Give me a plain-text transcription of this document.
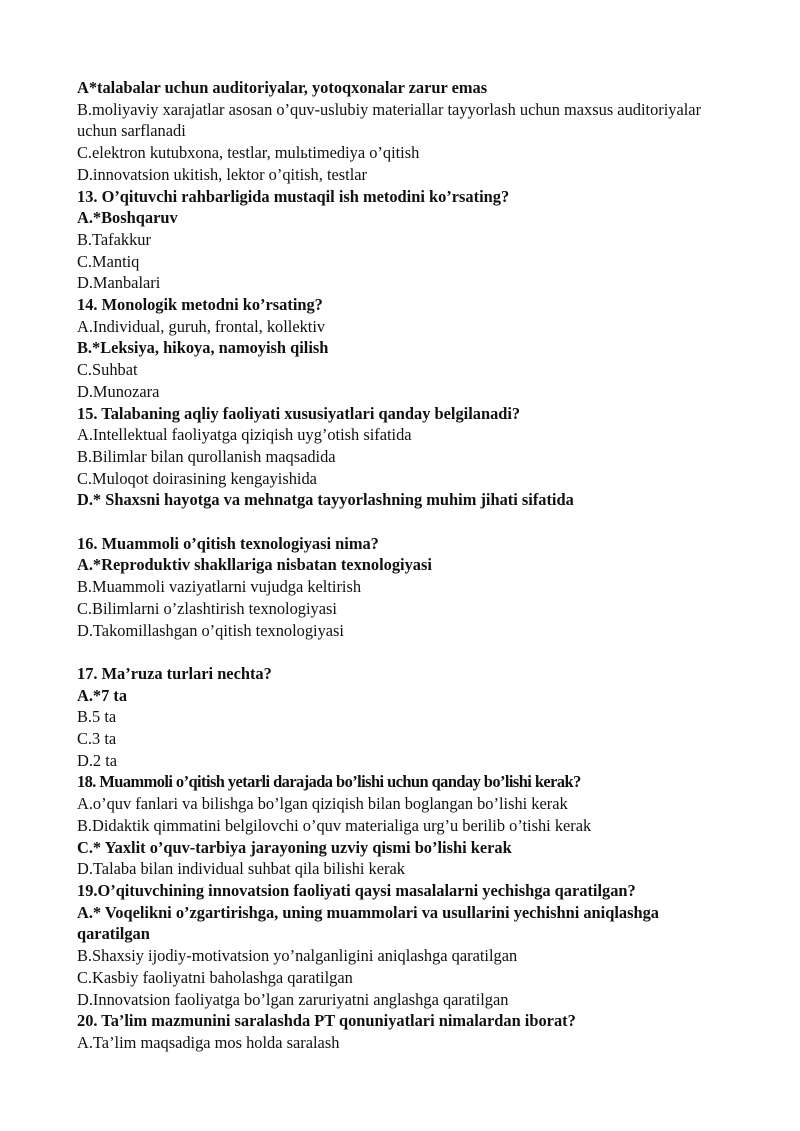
A*talabalar uchun auditoriyalar, yotoqxonalar zarur emas
B.moliyaviy xarajatlar asosan o’quv-uslubiy materiallar tayyorlash uchun maxsus auditoriyalar uchun sarflanadi
C.elektron kutubxona, testlar, mulьtimediya o’qitish
D.innovatsion ukitish, lektor o’qitish, testlar
13. O’qituvchi rahbarligida mustaqil ish metodini ko’rsating?
A.*Boshqaruv
B.Tafakkur
C.Mantiq
D.Manbalari
14. Monologik metodni ko’rsating?
A.Individual, guruh, frontal, kollektiv
B.*Leksiya, hikoya, namoyish qilish
C.Suhbat
D.Munozara
15. Talabaning aqliy faoliyati xususiyatlari qanday belgilanadi?
A.Intellektual faoliyatga qiziqish uyg’otish sifatida
B.Bilimlar bilan qurollanish maqsadida
C.Muloqot doirasining kengayishida
D.* Shaxsni hayotga va mehnatga tayyorlashning muhim jihati sifatida
16. Muammoli o’qitish texnologiyasi nima?
A.*Reproduktiv shakllariga nisbatan texnologiyasi
B.Muammoli vaziyatlarni vujudga keltirish
C.Bilimlarni o’zlashtirish texnologiyasi
D.Takomillashgan o’qitish texnologiyasi
17. Ma’ruza turlari nechta?
A.*7 ta
B.5 ta
C.3 ta
D.2 ta
18. Muammoli o’qitish yetarli darajada bo’lishi uchun qanday bo’lishi kerak?
A.o’quv fanlari va bilishga bo’lgan qiziqish bilan boglangan bo’lishi kerak
B.Didaktik qimmatini belgilovchi o’quv materialiga urg’u berilib o’tishi kerak
C.* Yaxlit o’quv-tarbiya jarayoning uzviy qismi bo’lishi kerak
D.Talaba bilan individual suhbat qila bilishi kerak
19.O’qituvchining innovatsion faoliyati qaysi masalalarni yechishga qaratilgan?
A.* Voqelikni o’zgartirishga, uning muammolari va usullarini yechishni aniqlashga qaratilgan
B.Shaxsiy ijodiy-motivatsion yo’nalganligini aniqlashga qaratilgan
C.Kasbiy faoliyatni baholashga qaratilgan
D.Innovatsion faoliyatga bo’lgan zaruriyatni anglashga qaratilgan
20. Ta’lim mazmunini saralashda PT qonuniyatlari nimalardan iborat?
A.Ta’lim maqsadiga mos holda saralash
